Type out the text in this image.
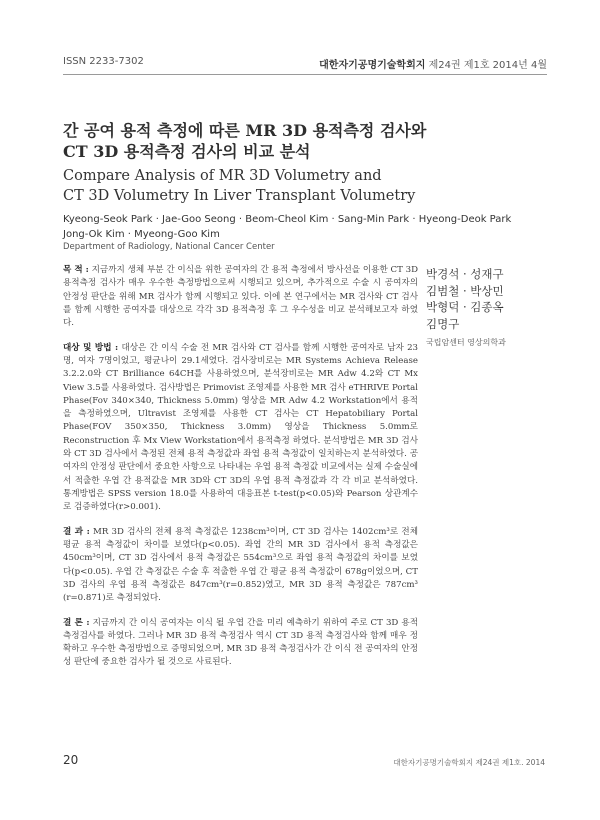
ISSN 2233-7302	대한자기공명기술학회지 제24권 제1호 2014년 4월
간 공여 용적 측정에 따른 MR 3D 용적측정 검사와
CT 3D 용적측정 검사의 비교 분석
Compare Analysis of MR 3D Volumetry and
CT 3D Volumetry In Liver Transplant Volumetry
Kyeong-Seok Park · Jae-Goo Seong · Beom-Cheol Kim · Sang-Min Park · Hyeong-Deok Park
Jong-Ok Kim · Myeong-Goo Kim
Department of Radiology, National Cancer Center

목 적 : 지금까지 생체 부분 간 이식을 위한 공여자의 간 용적 측정에서 방사선을 이용한 CT 3D 용적측정 검사가 매우 우수한 측정방법으로써 시행되고 있으며, 추가적으로 수술 시 공여자의 안정성 판단을 위해 MR 검사가 함께 시행되고 있다. 이에 본 연구에서는 MR 검사와 CT 검사를 함께 시행한 공여자를 대상으로 각각 3D 용적측정 후 그 우수성을 비교 분석해보고자 하였다.

대상 및 방법 : 대상은 간 이식 수술 전 MR 검사와 CT 검사를 함께 시행한 공여자로 남자 23명, 여자 7명이었고, 평균나이 29.1세였다. 검사장비로는 MR Systems Achieva Release 3.2.2.0와 CT Brilliance 64CH를 사용하였으며, 분석장비로는 MR Adw 4.2와 CT Mx View 3.5를 사용하였다. 검사방법은 Primovist 조영제를 사용한 MR 검사 eTHRIVE Portal Phase(Fov 340×340, Thickness 5.0mm) 영상을 MR Adw 4.2 Workstation에서 용적을 측정하였으며, Ultravist 조영제를 사용한 CT 검사는 CT Hepatobiliary Portal Phase(FOV 350×350, Thickness 3.0mm) 영상을 Thickness 5.0mm로 Reconstruction 후 Mx View Workstation에서 용적측정 하였다. 분석방법은 MR 3D 검사와 CT 3D 검사에서 측정된 전체 용적 측정값과 좌엽 용적 측정값이 일치하는지 분석하였다. 공여자의 안정성 판단에서 중요한 사항으로 나타내는 우엽 용적 측정값 비교에서는 실제 수술실에서 적출한 우엽 간 용적값을 MR 3D와 CT 3D의 우엽 용적 측정값과 각 각 비교 분석하였다. 통계방법은 SPSS version 18.0를 사용하여 대응표본 t-test(p<0.05)와 Pearson 상관계수로 검증하였다(r>0.001).

결 과 : MR 3D 검사의 전체 용적 측정값은 1238cm³이며, CT 3D 검사는 1402cm³로 전체 평균 용적 측정값이 차이를 보였다(p<0.05). 좌엽 간의 MR 3D 검사에서 용적 측정값은 450cm³이며, CT 3D 검사에서 용적 측정값은 554cm³으로 좌엽 용적 측정값의 차이를 보였다(p<0.05). 우엽 간 측정값은 수술 후 적출한 우엽 간 평균 용적 측정값이 678g이었으며, CT 3D 검사의 우엽 용적 측정값은 847cm³(r=0.852)였고, MR 3D 용적 측정값은 787cm³ (r=0.871)로 측정되었다.

결 론 : 지금까지 간 이식 공여자는 이식 될 우엽 간을 미리 예측하기 위하여 주로 CT 3D 용적 측정검사를 하였다. 그러나 MR 3D 용적 측정검사 역시 CT 3D 용적 측정검사와 함께 매우 정확하고 우수한 측정방법으로 증명되었으며, MR 3D 용적 측정검사가 간 이식 전 공여자의 안정성 판단에 중요한 검사가 될 것으로 사료된다.

박경석 · 성재구
김범철 · 박상민
박형덕 · 김종옥
김명구
국립암센터 영상의학과
20	대한자기공명기술학회지 제24권 제1호. 2014
